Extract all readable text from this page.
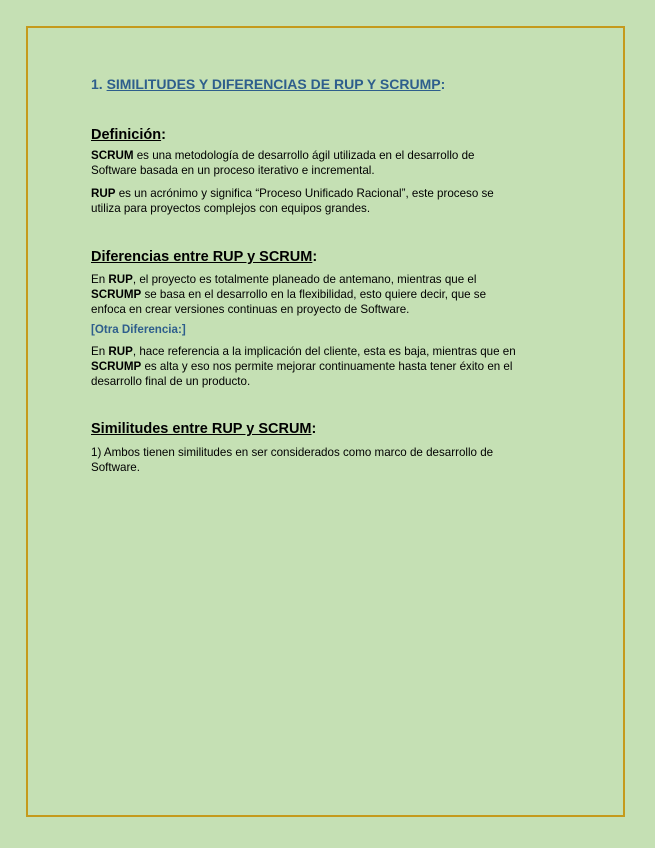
1. SIMILITUDES Y DIFERENCIAS DE RUP Y SCRUMP:
Definición:

SCRUM es una metodología de desarrollo ágil utilizada en el desarrollo de
Software basada en un proceso iterativo e incremental.

RUP es un acrónimo y significa “Proceso Unificado Racional”, este proceso se
utiliza para proyectos complejos con equipos grandes.

Diferencias entre RUP y SCRUM:

En RUP, el proyecto es totalmente planeado de antemano, mientras que el
SCRUMP se basa en el desarrollo en la flexibilidad, esto quiere decir, que se
enfoca en crear versiones continuas en proyecto de Software.

[Otra Diferencia:]

En RUP, hace referencia a la implicación del cliente, esta es baja, mientras que en
SCRUMP es alta y eso nos permite mejorar continuamente hasta tener éxito en el
desarrollo final de un producto.

Similitudes entre RUP y SCRUM:

1) Ambos tienen similitudes en ser considerados como marco de desarrollo de
Software.
